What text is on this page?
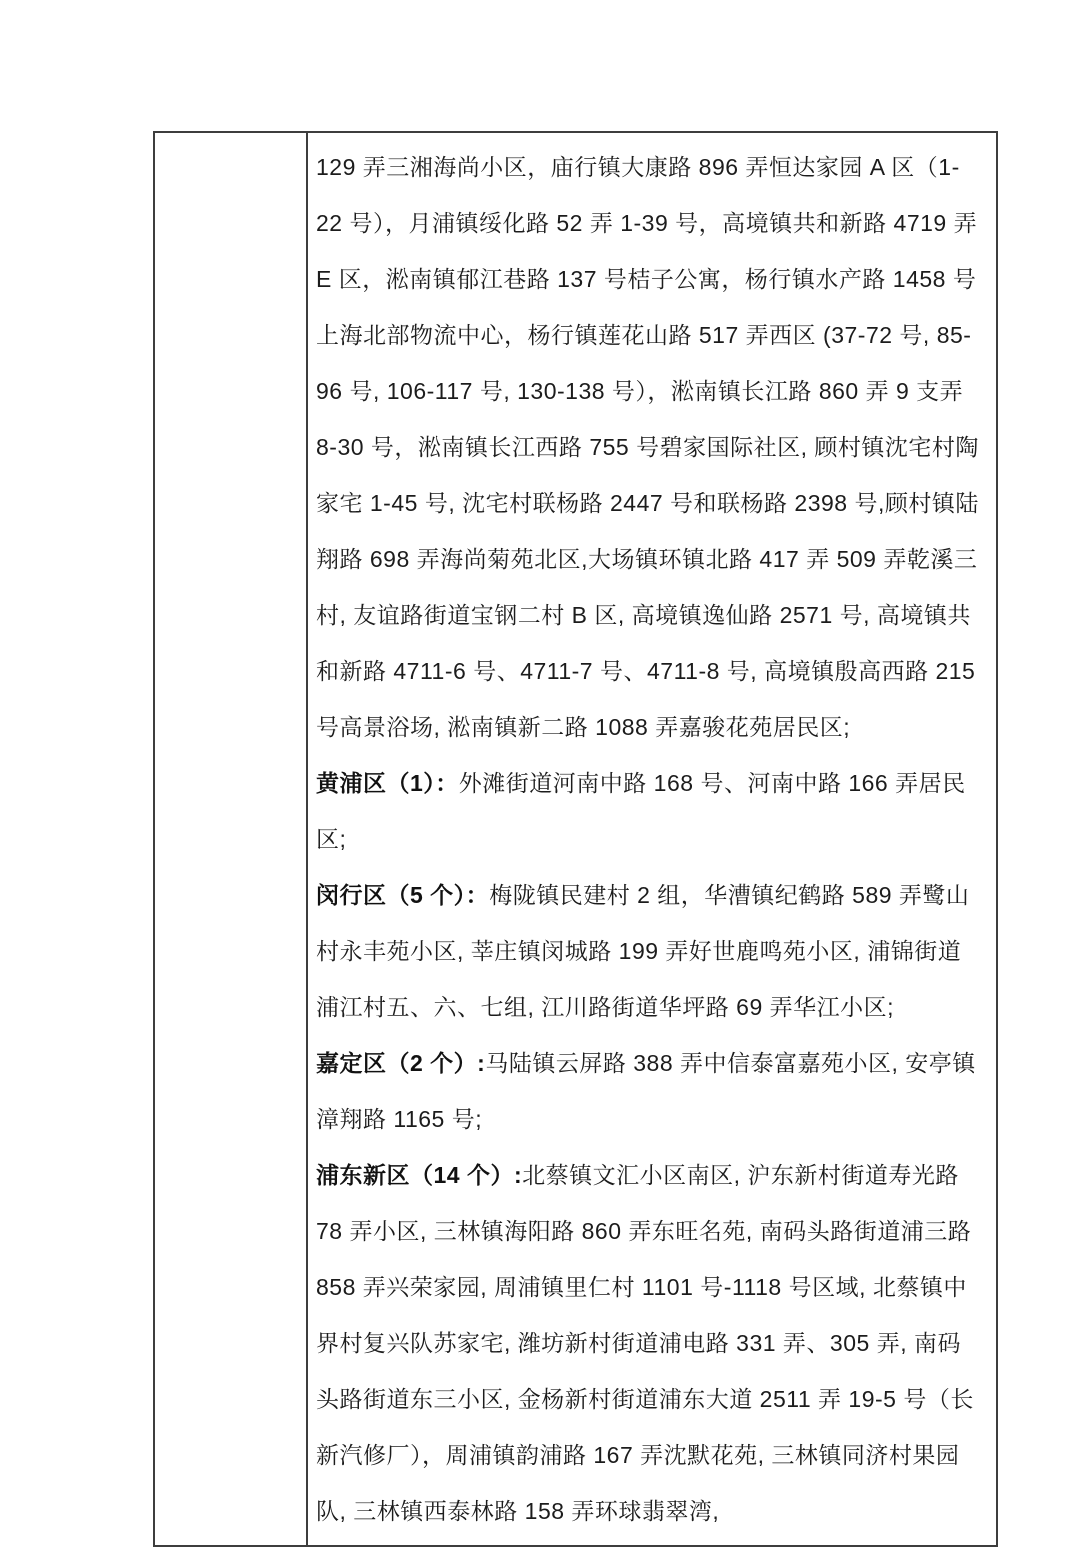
129 弄三湘海尚小区，庙行镇大康路 896 弄恒达家园 A 区（1-22 号），月浦镇绥化路 52 弄 1-39 号，高境镇共和新路 4719 弄 E 区，淞南镇郁江巷路 137 号桔子公寓，杨行镇水产路 1458 号上海北部物流中心，杨行镇莲花山路 517 弄西区 (37-72 号, 85-96 号, 106-117 号, 130-138 号），淞南镇长江路 860 弄 9 支弄 8-30 号，淞南镇长江西路 755 号碧家国际社区, 顾村镇沈宅村陶家宅 1-45 号, 沈宅村联杨路 2447 号和联杨路 2398 号,顾村镇陆翔路 698 弄海尚菊苑北区,大场镇环镇北路 417 弄 509 弄乾溪三村, 友谊路街道宝钢二村 B 区, 高境镇逸仙路 2571 号, 高境镇共和新路 4711-6 号、4711-7 号、4711-8 号, 高境镇殷高西路 215 号高景浴场, 淞南镇新二路 1088 弄嘉骏花苑居民区;
黄浦区（1）：外滩街道河南中路 168 号、河南中路 166 弄居民区;
闵行区（5 个）：梅陇镇民建村 2 组，华漕镇纪鹤路 589 弄鹭山村永丰苑小区, 莘庄镇闵城路 199 弄好世鹿鸣苑小区, 浦锦街道浦江村五、六、七组, 江川路街道华坪路 69 弄华江小区;
嘉定区（2 个）:马陆镇云屏路 388 弄中信泰富嘉苑小区, 安亭镇漳翔路 1165 号;
浦东新区（14 个）:北蔡镇文汇小区南区, 沪东新村街道寿光路 78 弄小区, 三林镇海阳路 860 弄东旺名苑, 南码头路街道浦三路 858 弄兴荣家园, 周浦镇里仁村 1101 号-1118 号区域, 北蔡镇中界村复兴队苏家宅, 潍坊新村街道浦电路 331 弄、305 弄, 南码头路街道东三小区, 金杨新村街道浦东大道 2511 弄 19-5 号（长新汽修厂），周浦镇韵浦路 167 弄沈默花苑, 三林镇同济村果园队, 三林镇西泰林路 158 弄环球翡翠湾,
